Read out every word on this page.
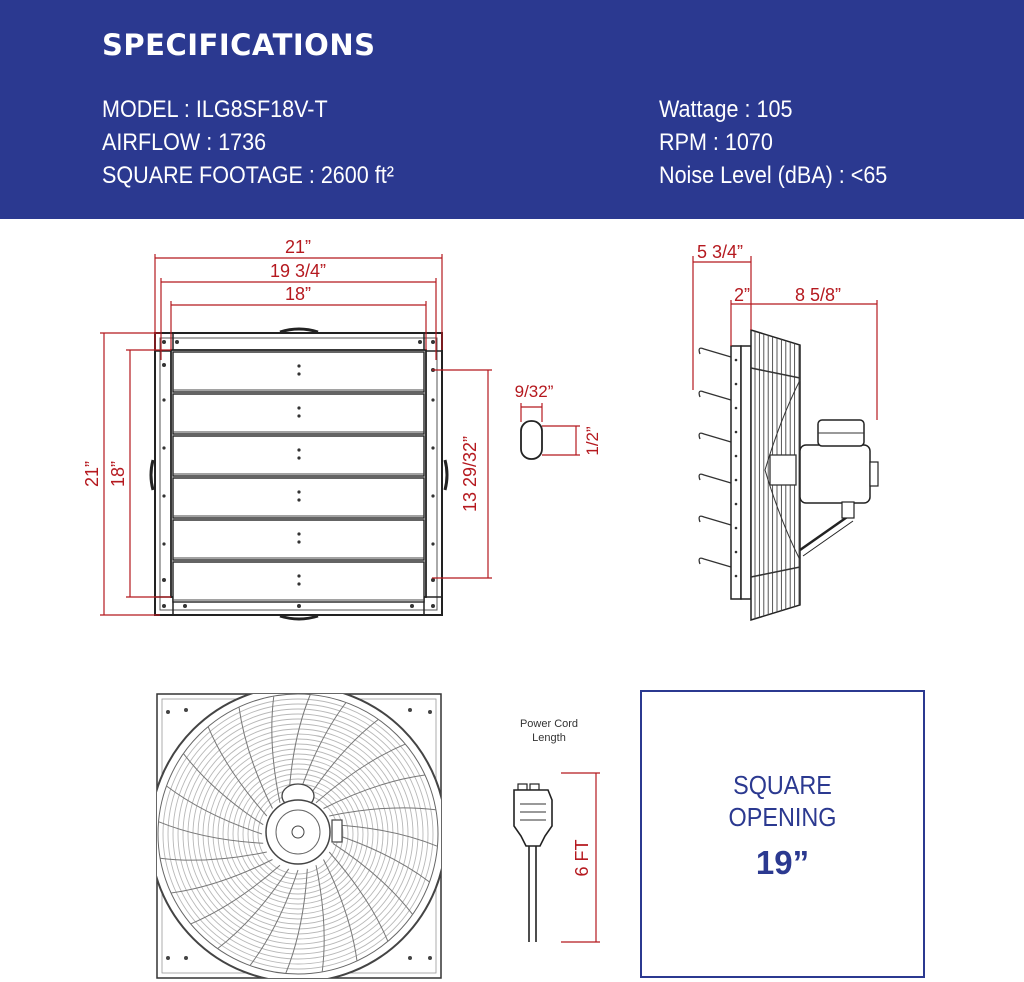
SPECIFICATIONS
MODEL : ILG8SF18V-T
AIRFLOW : 1736
SQUARE FOOTAGE : 2600 ft²
Wattage : 105
RPM : 1070
Noise Level (dBA) : <65
21”
19 3/4”
18”
21” 18”	13 29/32”
9/32”
1/2”
5 3/4”
2” 8 5/8”
6 FT
Power Cord Length
SQUARE
OPENING
19”
